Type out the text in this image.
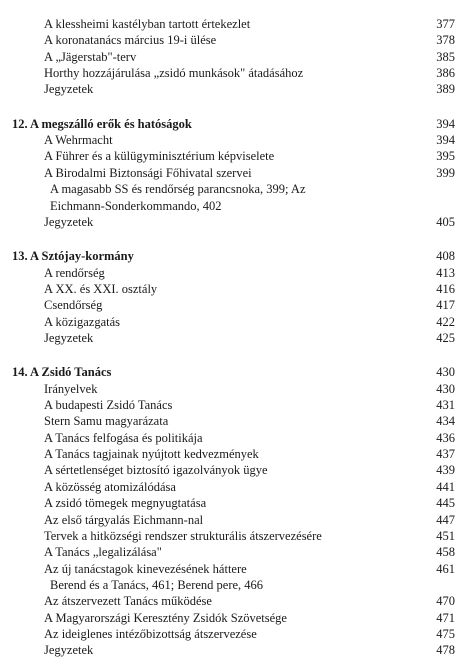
A klessheimi kastélyban tartott értekezlet	377
A koronatanács március 19-i ülése	378
A „Jägerstab"-terv	385
Horthy hozzájárulása „zsidó munkások" átadásához	386
Jegyzetek	389
12. A megszálló erők és hatóságok	394
A Wehrmacht	394
A Führer és a külügyminisztérium képviselete	395
A Birodalmi Biztonsági Főhivatal szervei	399
A magasabb SS és rendőrség parancsnoka, 399; Az
Eichmann-Sonderkommando, 402
Jegyzetek	405
13. A Sztójay-kormány	408
A rendőrség	413
A XX. és XXI. osztály	416
Csendőrség	417
A közigazgatás	422
Jegyzetek	425
14. A Zsidó Tanács	430
Irányelvek	430
A budapesti Zsidó Tanács	431
Stern Samu magyarázata	434
A Tanács felfogása és politikája	436
A Tanács tagjainak nyújtott kedvezmények	437
A sértetlenséget biztosító igazolványok ügye	439
A közösség atomizálódása	441
A zsidó tömegek megnyugtatása	445
Az első tárgyalás Eichmann-nal	447
Tervek a hitközségi rendszer strukturális átszervezésére	451
A Tanács „legalizálása"	458
Az új tanácstagok kinevezésének háttere	461
Berend és a Tanács, 461; Berend pere, 466
Az átszervezett Tanács működése	470
A Magyarországi Keresztény Zsidók Szövetsége	471
Az ideiglenes intézőbizottság átszervezése	475
Jegyzetek	478
